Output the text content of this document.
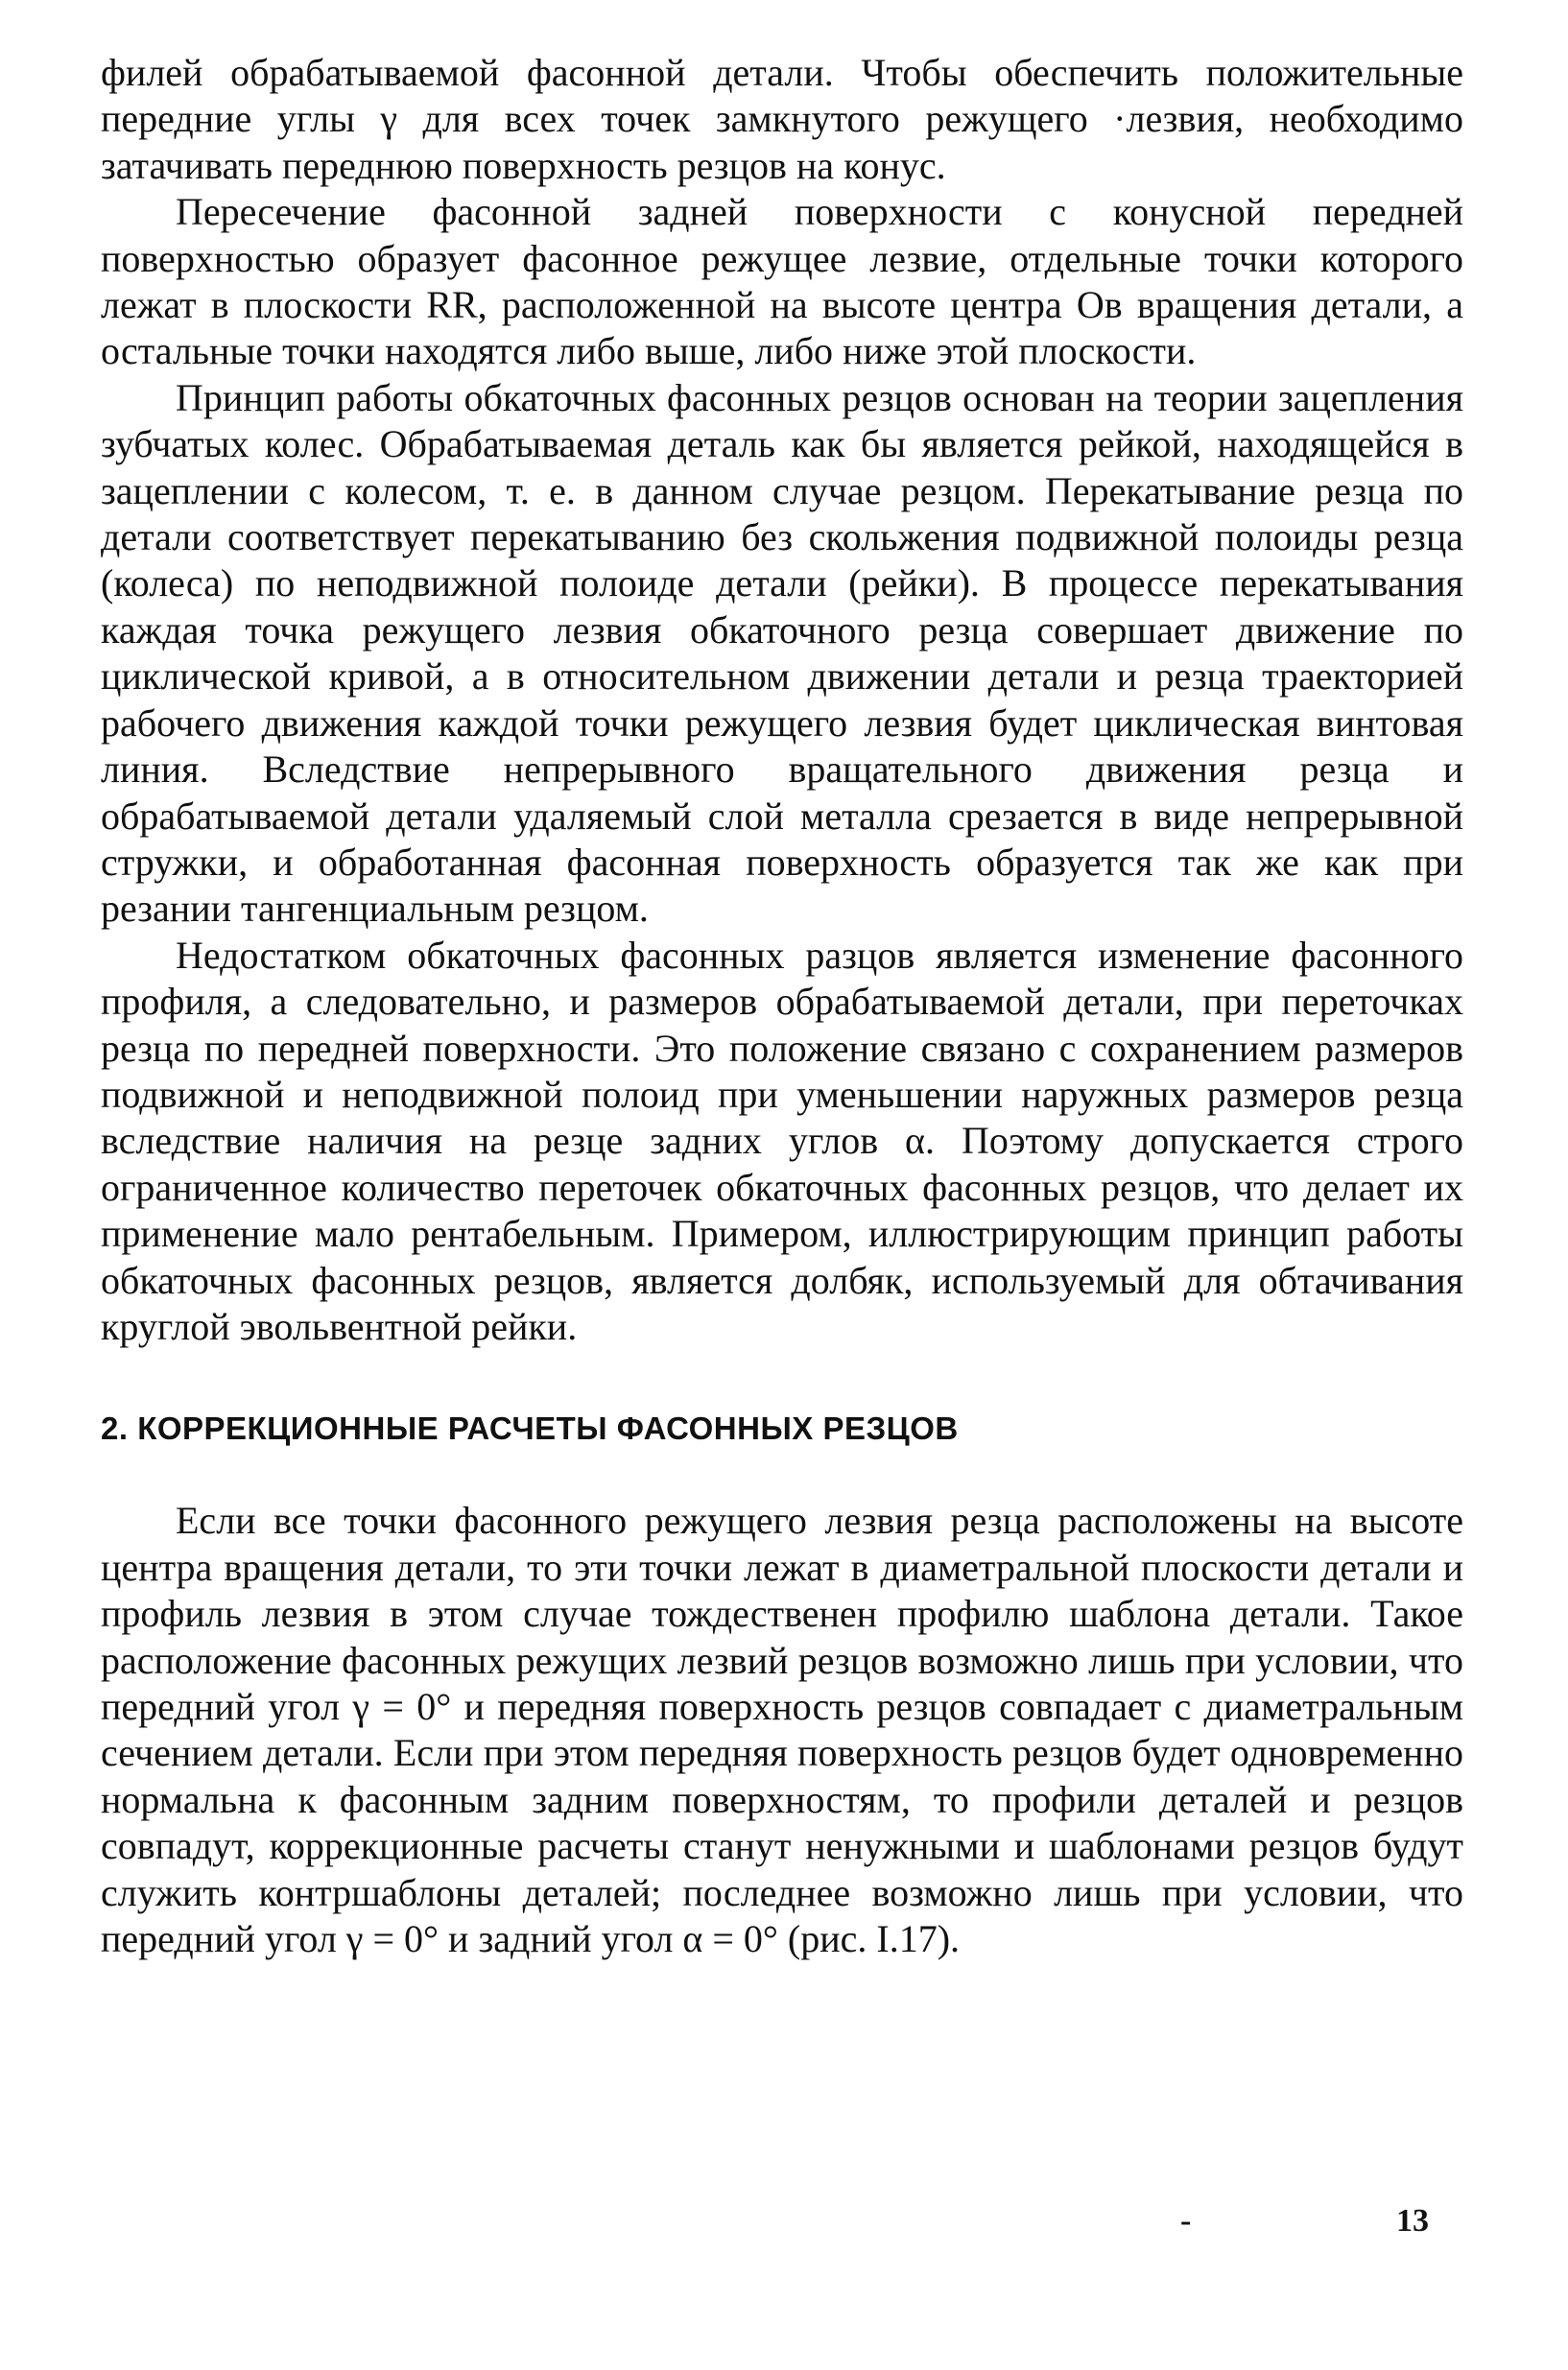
филей обрабатываемой фасонной детали. Чтобы обеспечить положительные передние углы γ для всех точек замкнутого режущего ·лезвия, необходимо затачивать переднюю поверхность резцов на конус.

Пересечение фасонной задней поверхности с конусной передней поверхностью образует фасонное режущее лезвие, отдельные точки которого лежат в плоскости RR, расположенной на высоте центра Oв вращения детали, а остальные точки находятся либо выше, либо ниже этой плоскости.

Принцип работы обкаточных фасонных резцов основан на теории зацепления зубчатых колес. Обрабатываемая деталь как бы является рейкой, находящейся в зацеплении с колесом, т. е. в данном случае резцом. Перекатывание резца по детали соответствует перекатыванию без скольжения подвижной полоиды резца (колеса) по неподвижной полоиде детали (рейки). В процессе перекатывания каждая точка режущего лезвия обкаточного резца совершает движение по циклической кривой, а в относительном движении детали и резца траекторией рабочего движения каждой точки режущего лезвия будет циклическая винтовая линия. Вследствие непрерывного вращательного движения резца и обрабатываемой детали удаляемый слой металла срезается в виде непрерывной стружки, и обработанная фасонная поверхность образуется так же как при резании тангенциальным резцом.

Недостатком обкаточных фасонных разцов является изменение фасонного профиля, а следовательно, и размеров обрабатываемой детали, при переточках резца по передней поверхности. Это положение связано с сохранением размеров подвижной и неподвижной полоид при уменьшении наружных размеров резца вследствие наличия на резце задних углов α. Поэтому допускается строго ограниченное количество переточек обкаточных фасонных резцов, что делает их применение мало рентабельным. Примером, иллюстрирующим принцип работы обкаточных фасонных резцов, является долбяк, используемый для обтачивания круглой эвольвентной рейки.

2. КОРРЕКЦИОННЫЕ РАСЧЕТЫ ФАСОННЫХ РЕЗЦОВ

Если все точки фасонного режущего лезвия резца расположены на высоте центра вращения детали, то эти точки лежат в диаметральной плоскости детали и профиль лезвия в этом случае тождественен профилю шаблона детали. Такое расположение фасонных режущих лезвий резцов возможно лишь при условии, что передний угол γ = 0° и передняя поверхность резцов совпадает с диаметральным сечением детали. Если при этом передняя поверхность резцов будет одновременно нормальна к фасонным задним поверхностям, то профили деталей и резцов совпадут, коррекционные расчеты станут ненужными и шаблонами резцов будут служить контршаблоны деталей; последнее возможно лишь при условии, что передний угол γ = 0° и задний угол α = 0° (рис. I.17).

-	13
